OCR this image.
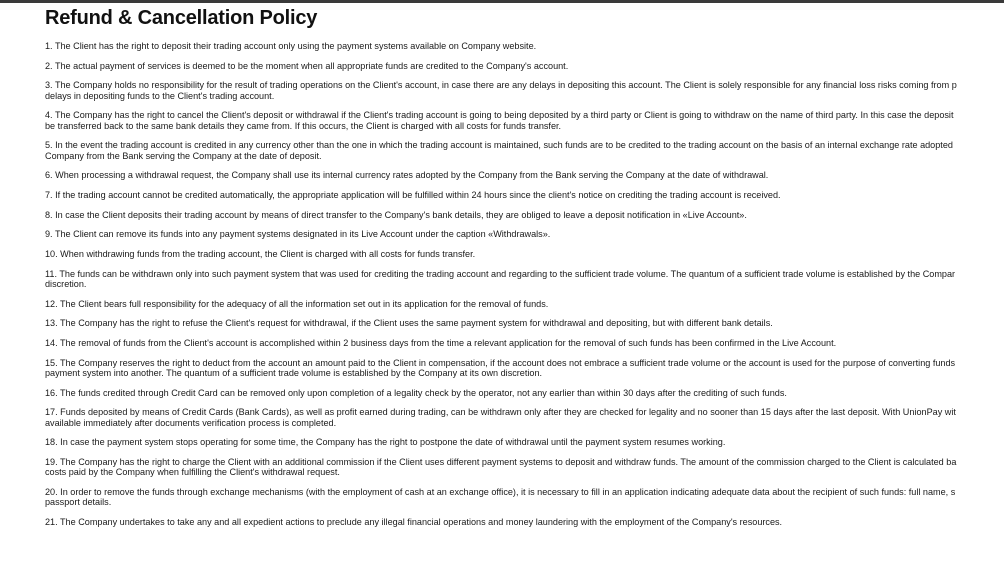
Refund & Cancellation Policy
1. The Client has the right to deposit their trading account only using the payment systems available on Company website.
2. The actual payment of services is deemed to be the moment when all appropriate funds are credited to the Company's account.
3. The Company holds no responsibility for the result of trading operations on the Client's account, in case there are any delays in depositing this account. The Client is solely responsible for any financial loss risks coming from p
delays in depositing funds to the Client's trading account.
4. The Company has the right to cancel the Client's deposit or withdrawal if the Client's trading account is going to being deposited by a third party or Client is going to withdraw on the name of third party. In this case the deposit
be transferred back to the same bank details they came from. If this occurs, the Client is charged with all costs for funds transfer.
5. In the event the trading account is credited in any currency other than the one in which the trading account is maintained, such funds are to be credited to the trading account on the basis of an internal exchange rate adopted
Company from the Bank serving the Company at the date of deposit.
6. When processing a withdrawal request, the Company shall use its internal currency rates adopted by the Company from the Bank serving the Company at the date of withdrawal.
7. If the trading account cannot be credited automatically, the appropriate application will be fulfilled within 24 hours since the client's notice on crediting the trading account is received.
8. In case the Client deposits their trading account by means of direct transfer to the Company's bank details, they are obliged to leave a deposit notification in «Live Account».
9. The Client can remove its funds into any payment systems designated in its Live Account under the caption «Withdrawals».
10. When withdrawing funds from the trading account, the Client is charged with all costs for funds transfer.
11. The funds can be withdrawn only into such payment system that was used for crediting the trading account and regarding to the sufficient trade volume. The quantum of a sufficient trade volume is established by the Compar
discretion.
12. The Client bears full responsibility for the adequacy of all the information set out in its application for the removal of funds.
13. The Company has the right to refuse the Client's request for withdrawal, if the Client uses the same payment system for withdrawal and depositing, but with different bank details.
14. The removal of funds from the Client's account is accomplished within 2 business days from the time a relevant application for the removal of such funds has been confirmed in the Live Account.
15. The Company reserves the right to deduct from the account an amount paid to the Client in compensation, if the account does not embrace a sufficient trade volume or the account is used for the purpose of converting funds
payment system into another. The quantum of a sufficient trade volume is established by the Company at its own discretion.
16. The funds credited through Credit Card can be removed only upon completion of a legality check by the operator, not any earlier than within 30 days after the crediting of such funds.
17. Funds deposited by means of Credit Cards (Bank Cards), as well as profit earned during trading, can be withdrawn only after they are checked for legality and no sooner than 15 days after the last deposit. With UnionPay wit
available immediately after documents verification process is completed.
18. In case the payment system stops operating for some time, the Company has the right to postpone the date of withdrawal until the payment system resumes working.
19. The Company has the right to charge the Client with an additional commission if the Client uses different payment systems to deposit and withdraw funds. The amount of the commission charged to the Client is calculated ba
costs paid by the Company when fulfilling the Client's withdrawal request.
20. In order to remove the funds through exchange mechanisms (with the employment of cash at an exchange office), it is necessary to fill in an application indicating adequate data about the recipient of such funds: full name, s
passport details.
21. The Company undertakes to take any and all expedient actions to preclude any illegal financial operations and money laundering with the employment of the Company's resources.
